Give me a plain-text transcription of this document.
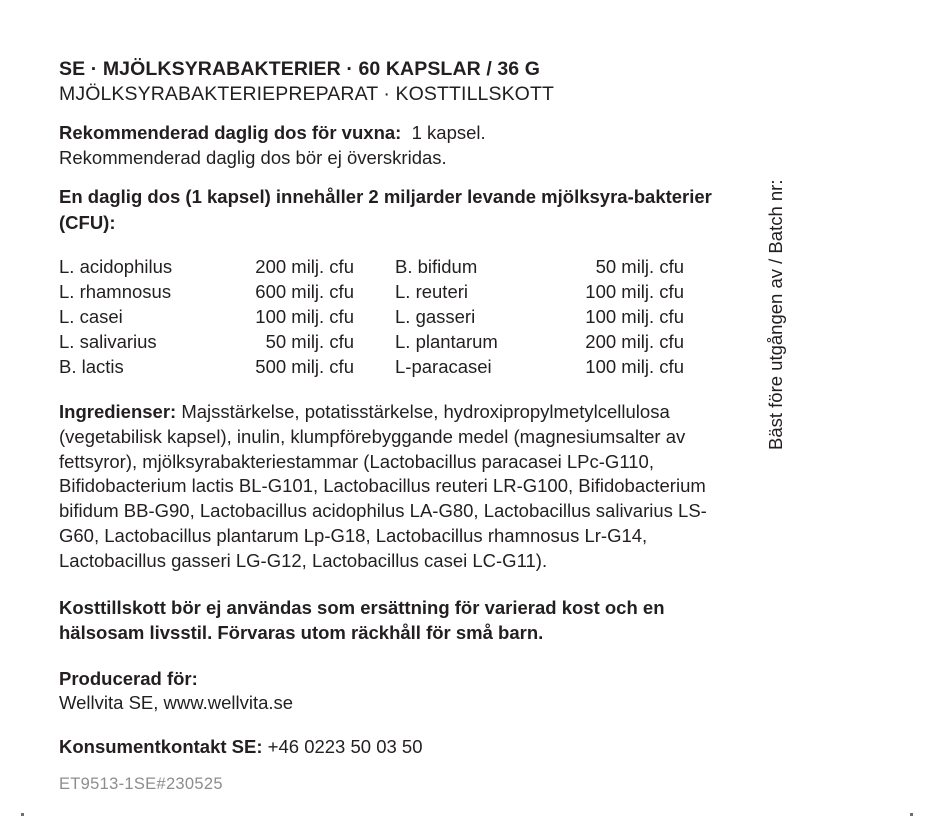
SE · MJÖLKSYRABAKTERIER · 60 KAPSLAR / 36 G
MJÖLKSYRABAKTERIEPREPARAT · KOSTTILLSKOTT
Rekommenderad daglig dos för vuxna: 1 kapsel.
Rekommenderad daglig dos bör ej överskridas.
En daglig dos (1 kapsel) innehåller 2 miljarder levande mjölksyra-bakterier (CFU):
L. acidophilus	200 milj. cfu		B. bifidum	50 milj. cfu
L. rhamnosus	600 milj. cfu		L. reuteri	100 milj. cfu
L. casei	100 milj. cfu		L. gasseri	100 milj. cfu
L. salivarius	50 milj. cfu		L. plantarum	200 milj. cfu
B. lactis	500 milj. cfu		L-paracasei	100 milj. cfu
Ingredienser: Majsstärkelse, potatisstärkelse, hydroxipropylmetylcellulosa (vegetabilisk kapsel), inulin, klumpförebyggande medel (magnesiumsalter av fettsyror), mjölksyrabakteriestammar (Lactobacillus paracasei LPc-G110, Bifidobacterium lactis BL-G101, Lactobacillus reuteri LR-G100, Bifidobacterium bifidum BB-G90, Lactobacillus acidophilus LA-G80, Lactobacillus salivarius LS-G60, Lactobacillus plantarum Lp-G18, Lactobacillus rhamnosus Lr-G14, Lactobacillus gasseri LG-G12, Lactobacillus casei LC-G11).
Kosttillskott bör ej användas som ersättning för varierad kost och en hälsosam livsstil. Förvaras utom räckhåll för små barn.
Producerad för:
Wellvita SE, www.wellvita.se
Konsumentkontakt SE: +46 0223 50 03 50
ET9513-1SE#230525
Bäst före utgången av / Batch nr:
